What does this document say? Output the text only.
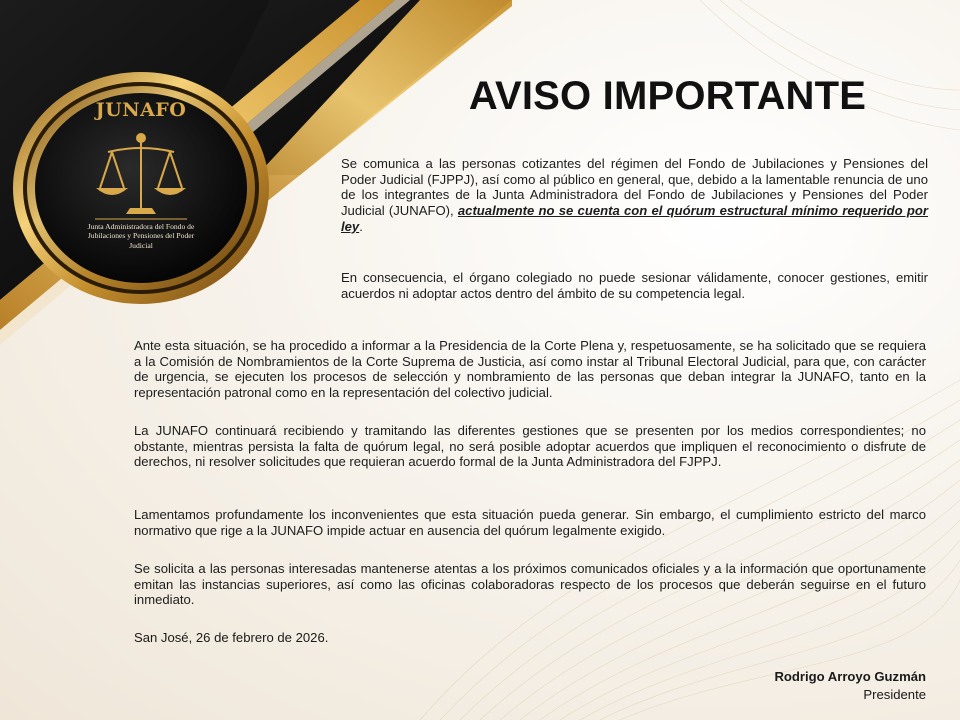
JUNAFO
Junta Administradora del Fondo de Jubilaciones y Pensiones del Poder Judicial
AVISO IMPORTANTE

Se comunica a las personas cotizantes del régimen del Fondo de Jubilaciones y Pensiones del Poder Judicial (FJPPJ), así como al público en general, que, debido a la lamentable renuncia de uno de los integrantes de la Junta Administradora del Fondo de Jubilaciones y Pensiones del Poder Judicial (JUNAFO), actualmente no se cuenta con el quórum estructural mínimo requerido por ley.

En consecuencia, el órgano colegiado no puede sesionar válidamente, conocer gestiones, emitir acuerdos ni adoptar actos dentro del ámbito de su competencia legal.

Ante esta situación, se ha procedido a informar a la Presidencia de la Corte Plena y, respetuosamente, se ha solicitado que se requiera a la Comisión de Nombramientos de la Corte Suprema de Justicia, así como instar al Tribunal Electoral Judicial, para que, con carácter de urgencia, se ejecuten los procesos de selección y nombramiento de las personas que deban integrar la JUNAFO, tanto en la representación patronal como en la representación del colectivo judicial.

La JUNAFO continuará recibiendo y tramitando las diferentes gestiones que se presenten por los medios correspondientes; no obstante, mientras persista la falta de quórum legal, no será posible adoptar acuerdos que impliquen el reconocimiento o disfrute de derechos, ni resolver solicitudes que requieran acuerdo formal de la Junta Administradora del FJPPJ.

Lamentamos profundamente los inconvenientes que esta situación pueda generar. Sin embargo, el cumplimiento estricto del marco normativo que rige a la JUNAFO impide actuar en ausencia del quórum legalmente exigido.

Se solicita a las personas interesadas mantenerse atentas a los próximos comunicados oficiales y a la información que oportunamente emitan las instancias superiores, así como las oficinas colaboradoras respecto de los procesos que deberán seguirse en el futuro inmediato.

San José, 26 de febrero de 2026.

Rodrigo Arroyo Guzmán
Presidente
